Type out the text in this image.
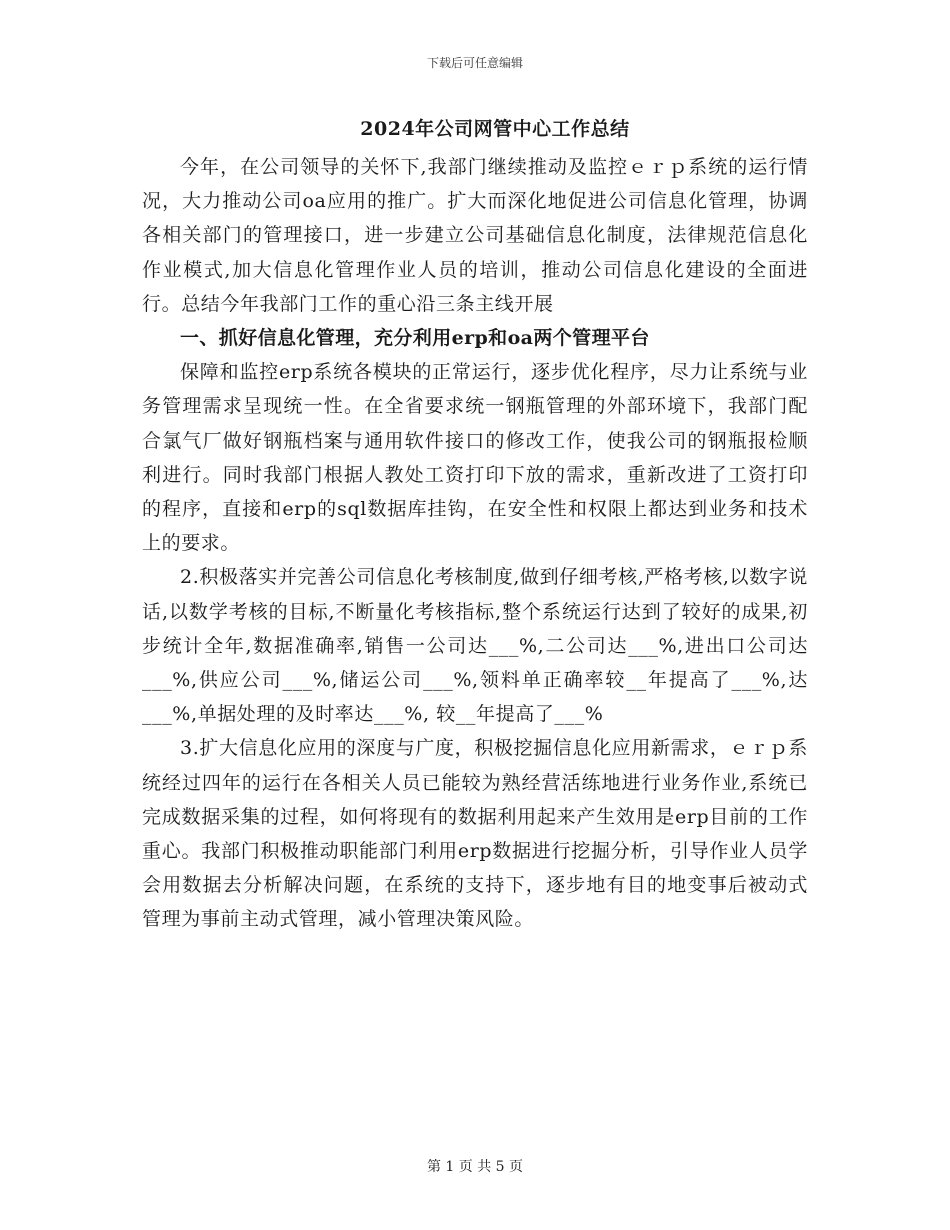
下载后可任意编辑
2024年公司网管中心工作总结

今年，在公司领导的关怀下,我部门继续推动及监控ｅｒｐ系统的运行情况，大力推动公司oa应用的推广。扩大而深化地促进公司信息化管理，协调各相关部门的管理接口，进一步建立公司基础信息化制度，法律规范信息化作业模式,加大信息化管理作业人员的培训，推动公司信息化建设的全面进行。总结今年我部门工作的重心沿三条主线开展

一、抓好信息化管理，充分利用erp和oa两个管理平台

保障和监控erp系统各模块的正常运行，逐步优化程序，尽力让系统与业务管理需求呈现统一性。在全省要求统一钢瓶管理的外部环境下，我部门配合氯气厂做好钢瓶档案与通用软件接口的修改工作，使我公司的钢瓶报检顺利进行。同时我部门根据人教处工资打印下放的需求，重新改进了工资打印的程序，直接和erp的sql数据库挂钩，在安全性和权限上都达到业务和技术上的要求。

2.积极落实并完善公司信息化考核制度,做到仔细考核,严格考核,以数字说话,以数学考核的目标,不断量化考核指标,整个系统运行达到了较好的成果,初步统计全年,数据准确率,销售一公司达___%,二公司达___%,进出口公司达___%,供应公司___%,储运公司___%,领料单正确率较__年提高了___%,达___%,单据处理的及时率达___%, 较__年提高了___%

3.扩大信息化应用的深度与广度，积极挖掘信息化应用新需求，ｅｒｐ系统经过四年的运行在各相关人员已能较为熟经营活练地进行业务作业,系统已完成数据采集的过程，如何将现有的数据利用起来产生效用是erp目前的工作重心。我部门积极推动职能部门利用erp数据进行挖掘分析，引导作业人员学会用数据去分析解决问题，在系统的支持下，逐步地有目的地变事后被动式管理为事前主动式管理，减小管理决策风险。

第 1 页 共 5 页
